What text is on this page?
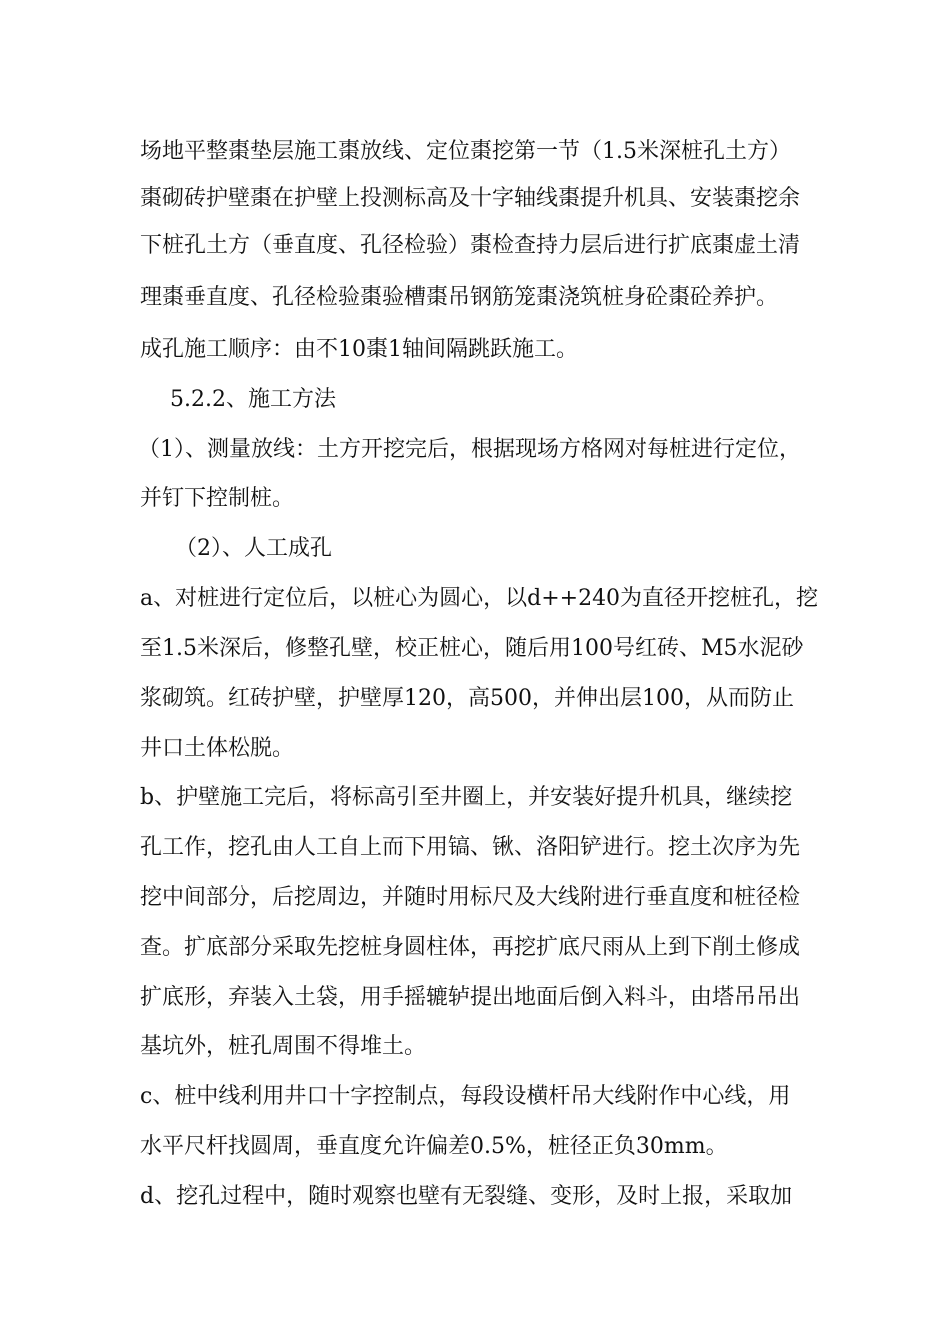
场地平整棗垫层施工棗放线、定位棗挖第一节（1.5米深桩孔土方）
棗砌砖护壁棗在护壁上投测标高及十字轴线棗提升机具、安装棗挖余
下桩孔土方（垂直度、孔径检验）棗检查持力层后进行扩底棗虚土清
理棗垂直度、孔径检验棗验槽棗吊钢筋笼棗浇筑桩身砼棗砼养护。
成孔施工顺序：由不10棗1轴间隔跳跃施工。
5.2.2、施工方法
（1）、测量放线：土方开挖完后，根据现场方格网对每桩进行定位，
并钉下控制桩。
（2）、人工成孔
a、对桩进行定位后，以桩心为圆心，以d++240为直径开挖桩孔，挖
至1.5米深后，修整孔壁，校正桩心，随后用100号红砖、M5水泥砂
浆砌筑。红砖护壁，护壁厚120，高500，并伸出层100，从而防止
井口土体松脱。
b、护壁施工完后，将标高引至井圈上，并安装好提升机具，继续挖
孔工作，挖孔由人工自上而下用镐、锹、洛阳铲进行。挖土次序为先
挖中间部分，后挖周边，并随时用标尺及大线附进行垂直度和桩径检
查。扩底部分采取先挖桩身圆柱体，再挖扩底尺雨从上到下削土修成
扩底形，弃装入土袋，用手摇辘轳提出地面后倒入料斗，由塔吊吊出
基坑外，桩孔周围不得堆土。
c、桩中线利用井口十字控制点，每段设横杆吊大线附作中心线，用
水平尺杆找圆周，垂直度允许偏差0.5%，桩径正负30mm。
d、挖孔过程中，随时观察也壁有无裂缝、变形，及时上报，采取加
